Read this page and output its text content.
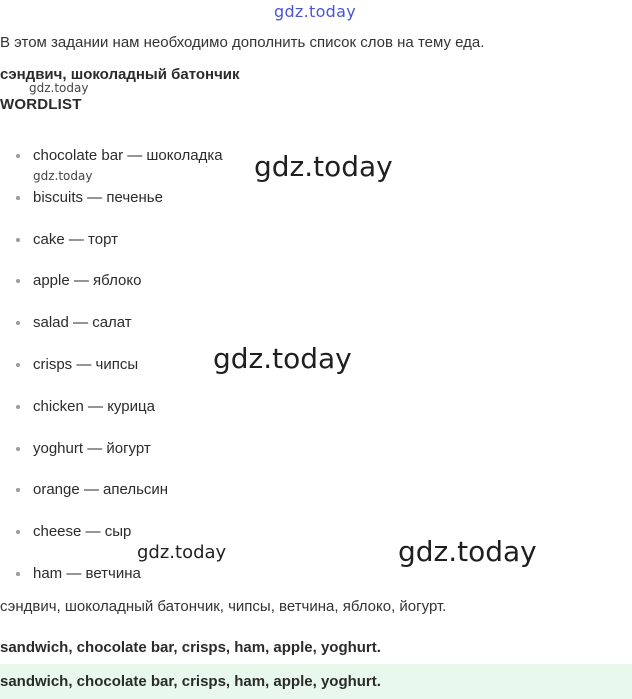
gdz.today
В этом задании нам необходимо дополнить список слов на тему еда.
сэндвич, шоколадный батончик
gdz.today
WORDLIST
chocolate bar — шоколадка
biscuits — печенье
cake — торт
apple — яблоко
salad — салат
crisps — чипсы
chicken — курица
yoghurt — йогурт
orange — апельсин
cheese — сыр
ham — ветчина
gdz.today	gdz.today
gdz.today
gdz.today	gdz.today
сэндвич, шоколадный батончик, чипсы, ветчина, яблоко, йогурт.
sandwich, chocolate bar, crisps, ham, apple, yoghurt.
sandwich, chocolate bar, crisps, ham, apple, yoghurt.
